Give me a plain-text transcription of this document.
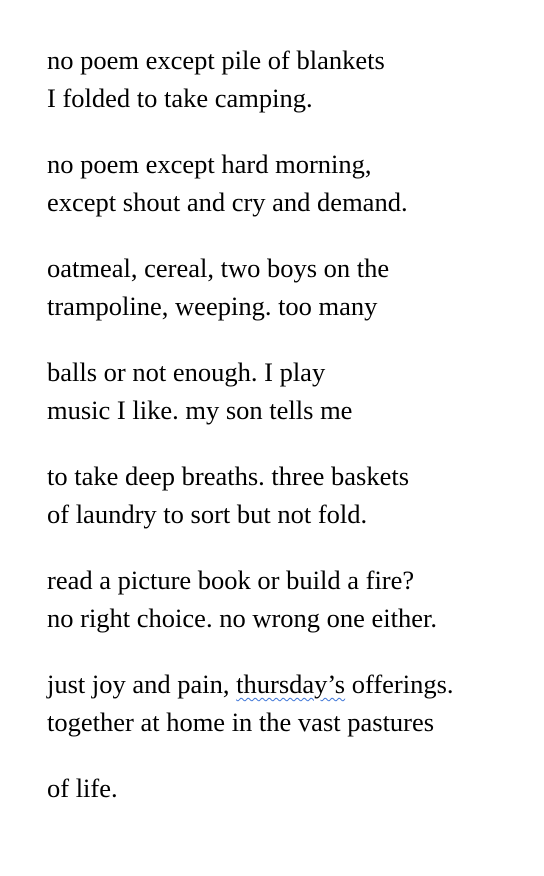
no poem except pile of blankets
I folded to take camping.
no poem except hard morning,
except shout and cry and demand.
oatmeal, cereal, two boys on the
trampoline, weeping. too many
balls or not enough. I play
music I like. my son tells me
to take deep breaths. three baskets
of laundry to sort but not fold.
read a picture book or build a fire?
no right choice. no wrong one either.
just joy and pain, thursday’s offerings.
together at home in the vast pastures
of life.
